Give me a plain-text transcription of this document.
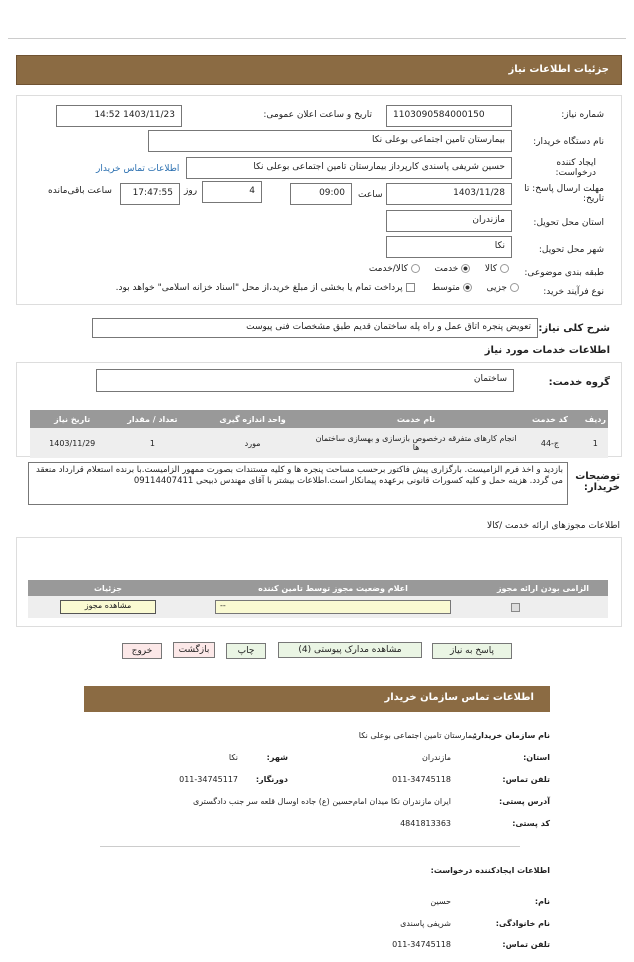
جزئیات اطلاعات نیاز
شماره نیاز:
1103090584000150
تاریخ و ساعت اعلان عمومی:
1403/11/23 14:52
نام دستگاه خریدار:
بیمارستان تامین اجتماعی بوعلی نکا
ایجاد کننده درخواست:
حسین شریفی پاسندی کارپرداز بیمارستان تامین اجتماعی بوعلی نکا
اطلاعات تماس خریدار
مهلت ارسال پاسخ: تا تاریخ:
1403/11/28
ساعت
09:00
4
روز
17:47:55
ساعت باقی‌مانده
استان محل تحویل:
مازندران
شهر محل تحویل:
نکا
طبقه بندی موضوعی:
کالا    خدمت    کالا/خدمت
نوع فرآیند خرید:
جزیی    متوسط       پرداخت تمام یا بخشی از مبلغ خرید،از محل "اسناد خزانه اسلامی" خواهد بود.
شرح کلی نیاز:
تعویض پنجره اتاق عمل و راه پله ساختمان قدیم طبق مشخصات فنی پیوست
اطلاعات خدمات مورد نیاز
گروه خدمت:
ساختمان
ردیف	کد خدمت	نام خدمت	واحد اندازه گیری	تعداد / مقدار	تاریخ نیاز
1	ج-44	انجام کارهای متفرقه درخصوص بازسازی و بهسازی ساختمان ها	مورد	1	1403/11/29
توضیحات خریدار:
بازدید و اخذ فرم الزامیست. بارگزاری پیش فاکتور برحسب مساحت پنجره ها و کلیه مستندات بصورت ممهور الزامیست.با برنده استعلام قرارداد منعقد می گردد. هزینه حمل و کلیه کسورات قانونی برعهده پیمانکار است.اطلاعات بیشتر با آقای مهندس ذبیحی 09114407411
اطلاعات مجوزهای ارائه خدمت /کالا
الزامی بودن ارائه مجوز	اعلام وضعیت مجوز توسط تامین کننده	جزئیات
	--	مشاهده مجوز
پاسخ به نیاز
مشاهده مدارک پیوستی (4)
چاپ
بازگشت
خروج
اطلاعات تماس سازمان خریدار
نام سازمان خریدار:
بیمارستان تامین اجتماعی بوعلی نکا
استان:
مازندران
شهر:
نکا
تلفن تماس:
011-34745118
دورنگار:
011-34745117
آدرس پستی:
ایران مازندران نکا میدان امام‌حسین (ع) جاده اوسال قلعه سر جنب دادگستری
کد پستی:
4841813363
اطلاعات ایجادکننده درخواست:
نام:
حسین
نام خانوادگی:
شریفی پاسندی
تلفن تماس:
011-34745118
